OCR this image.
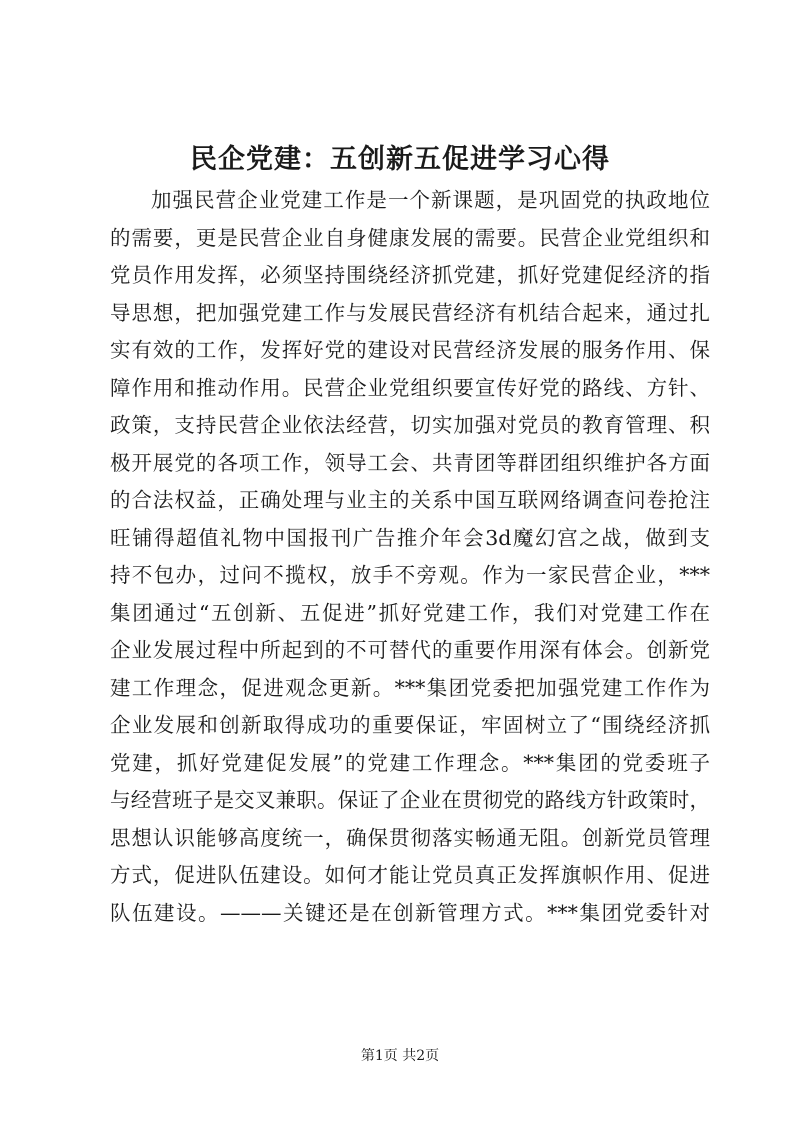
民企党建：五创新五促进学习心得
加强民营企业党建工作是一个新课题，是巩固党的执政地位
的需要，更是民营企业自身健康发展的需要。民营企业党组织和
党员作用发挥，必须坚持围绕经济抓党建，抓好党建促经济的指
导思想，把加强党建工作与发展民营经济有机结合起来，通过扎
实有效的工作，发挥好党的建设对民营经济发展的服务作用、保
障作用和推动作用。民营企业党组织要宣传好党的路线、方针、
政策，支持民营企业依法经营，切实加强对党员的教育管理、积
极开展党的各项工作，领导工会、共青团等群团组织维护各方面
的合法权益，正确处理与业主的关系中国互联网络调查问卷抢注
旺铺得超值礼物中国报刊广告推介年会3d魔幻宫之战，做到支
持不包办，过问不揽权，放手不旁观。作为一家民营企业，***
集团通过“五创新、五促进”抓好党建工作，我们对党建工作在
企业发展过程中所起到的不可替代的重要作用深有体会。创新党
建工作理念，促进观念更新。***集团党委把加强党建工作作为
企业发展和创新取得成功的重要保证，牢固树立了“围绕经济抓
党建，抓好党建促发展”的党建工作理念。***集团的党委班子
与经营班子是交叉兼职。保证了企业在贯彻党的路线方针政策时，
思想认识能够高度统一，确保贯彻落实畅通无阻。创新党员管理
方式，促进队伍建设。如何才能让党员真正发挥旗帜作用、促进
队伍建设。———关键还是在创新管理方式。***集团党委针对
第1页 共2页
